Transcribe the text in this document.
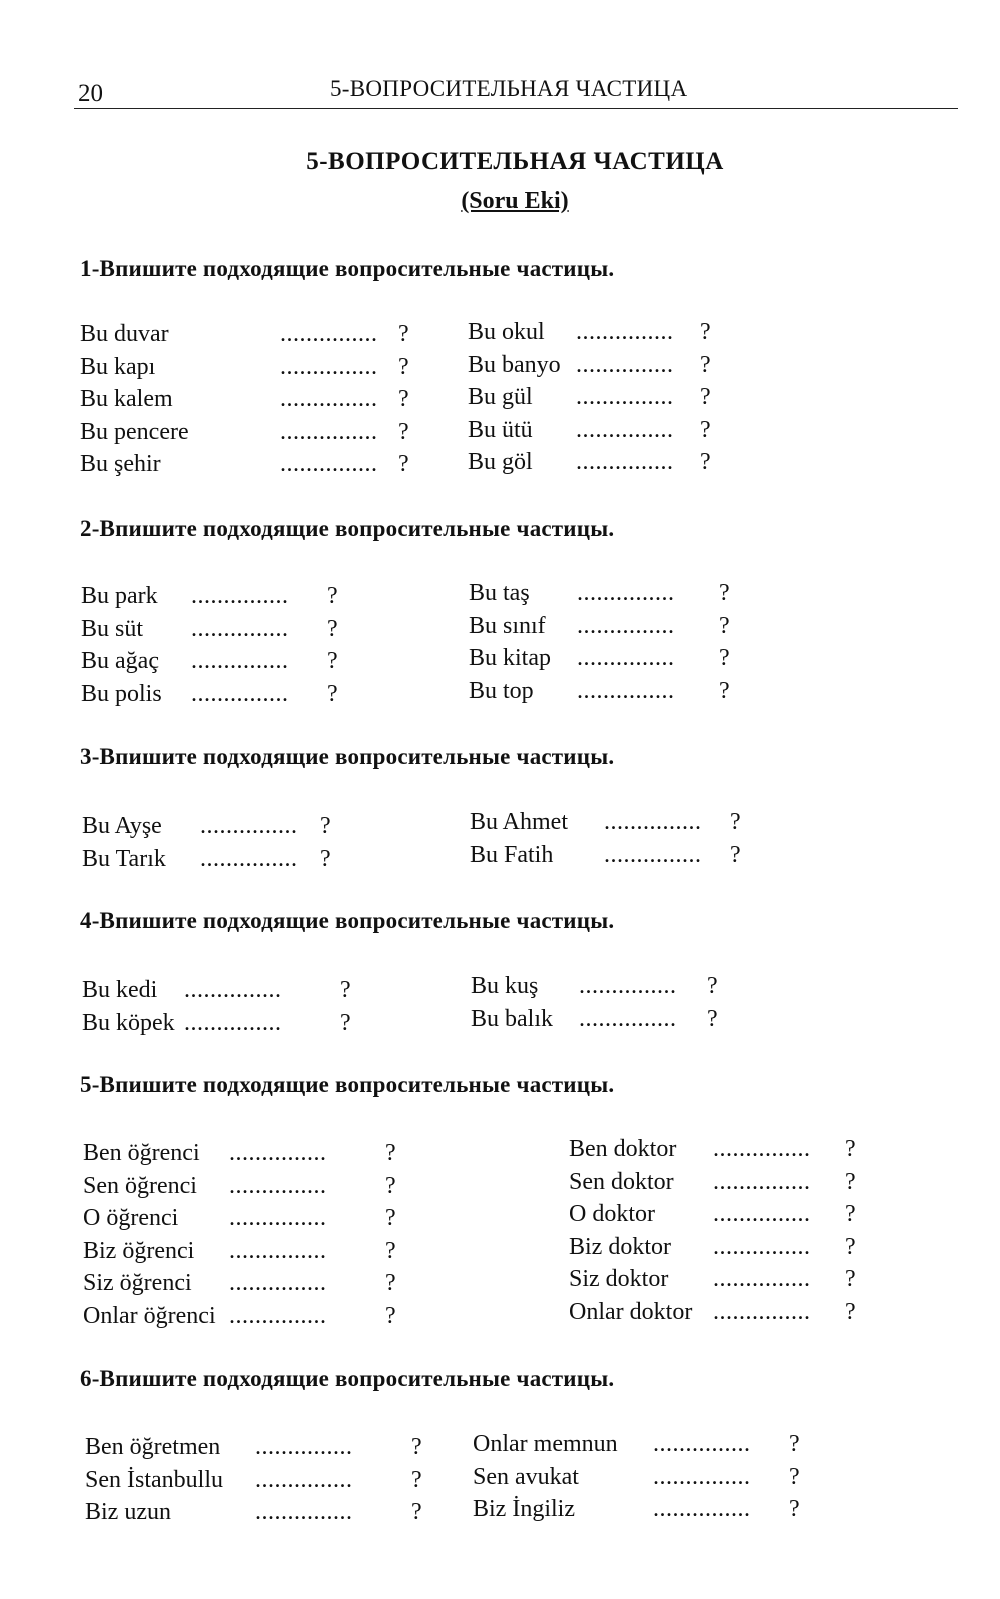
20	5-ВОПРОСИТЕЛЬНАЯ ЧАСТИЦА
5-ВОПРОСИТЕЛЬНАЯ ЧАСТИЦА
(Soru Eki)
1-Впишите подходящие вопросительные частицы.
Bu duvar	............... ?
Bu kapı	............... ?
Bu kalem	............... ?
Bu pencere	............... ?
Bu şehir	............... ?
Bu okul ............... ?
Bu banyo ............... ?
Bu gül ............... ?
Bu ütü ............... ?
Bu göl ............... ?
2-Впишите подходящие вопросительные частицы.
Bu park ............... ?
Bu süt ............... ?
Bu ağaç ............... ?
Bu polis ............... ?
Bu taş ............... ?
Bu sınıf ............... ?
Bu kitap ............... ?
Bu top ............... ?
3-Впишите подходящие вопросительные частицы.
Bu Ayşe ............... ?
Bu Tarık ............... ?
Bu Ahmet ............... ?
Bu Fatih ............... ?
4-Впишите подходящие вопросительные частицы.
Bu kedi ............... ?
Bu köpek ............... ?
Bu kuş ............... ?
Bu balık ............... ?
5-Впишите подходящие вопросительные частицы.
Ben öğrenci ............... ?
Sen öğrenci ............... ?
O öğrenci ............... ?
Biz öğrenci ............... ?
Siz öğrenci ............... ?
Onlar öğrenci ............... ?
Ben doktor ............... ?
Sen doktor ............... ?
O doktor ............... ?
Biz doktor ............... ?
Siz doktor ............... ?
Onlar doktor ............... ?
6-Впишите подходящие вопросительные частицы.
Ben öğretmen ............... ?
Sen İstanbullu ............... ?
Biz uzun	............... ?
Onlar memnun ............... ?
Sen avukat	............... ?
Biz İngiliz	............... ?
